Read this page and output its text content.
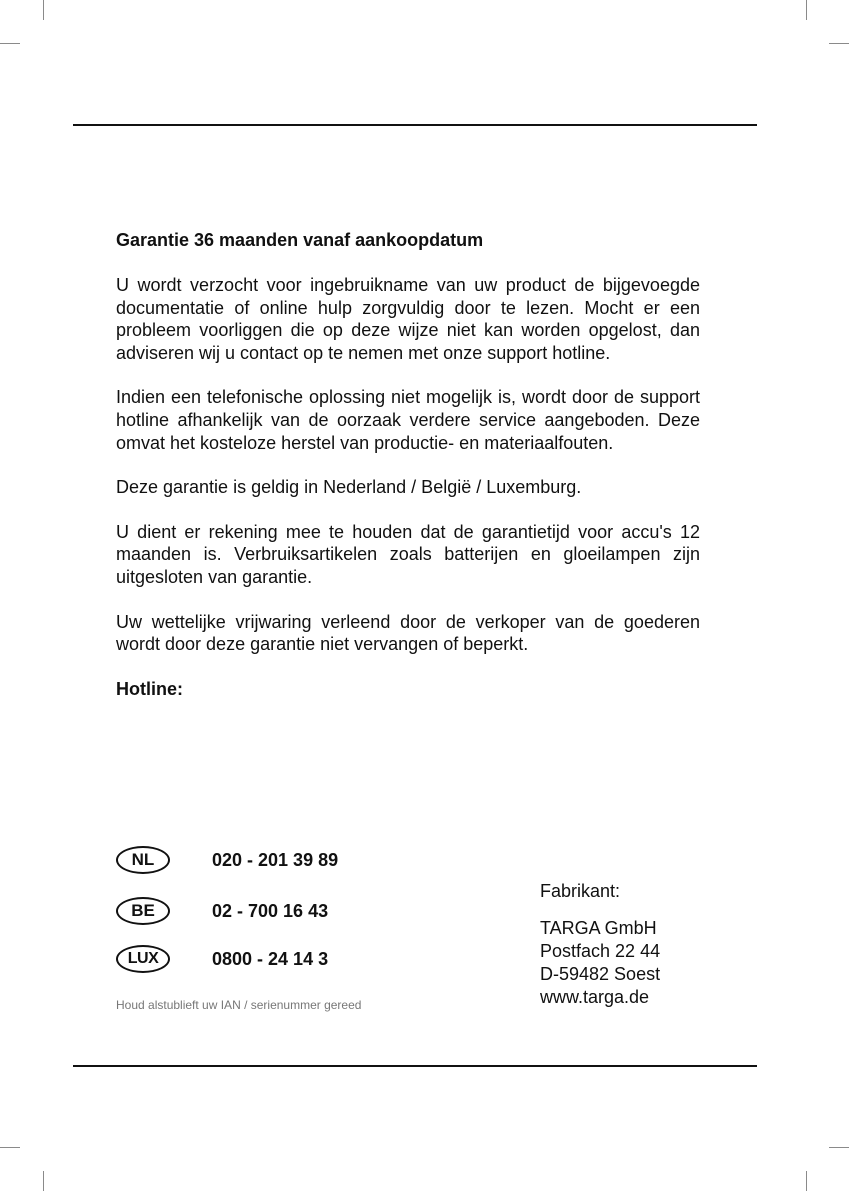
Garantie 36 maanden vanaf aankoopdatum

U wordt verzocht voor ingebruikname van uw product de bijgevoegde documentatie of online hulp zorgvuldig door te lezen. Mocht er een probleem voorliggen die op deze wijze niet kan worden opgelost, dan adviseren wij u contact op te nemen met onze support hotline.

Indien een telefonische oplossing niet mogelijk is, wordt door de support hotline afhankelijk van de oorzaak verdere service aangeboden. Deze omvat het kosteloze herstel van productie- en materiaalfouten.

Deze garantie is geldig in Nederland / België / Luxemburg.

U dient er rekening mee te houden dat de garantietijd voor accu's 12 maanden is. Verbruiksartikelen zoals batterijen en gloeilampen zijn uitgesloten van garantie.

Uw wettelijke vrijwaring verleend door de verkoper van de goederen wordt door deze garantie niet vervangen of beperkt.

Hotline:
NL	020 - 201 39 89
BE	02 - 700 16 43
LUX	0800 - 24 14 3
Houd alstublieft uw IAN / serienummer gereed
Fabrikant:
TARGA GmbH
Postfach 22 44
D-59482 Soest
www.targa.de
